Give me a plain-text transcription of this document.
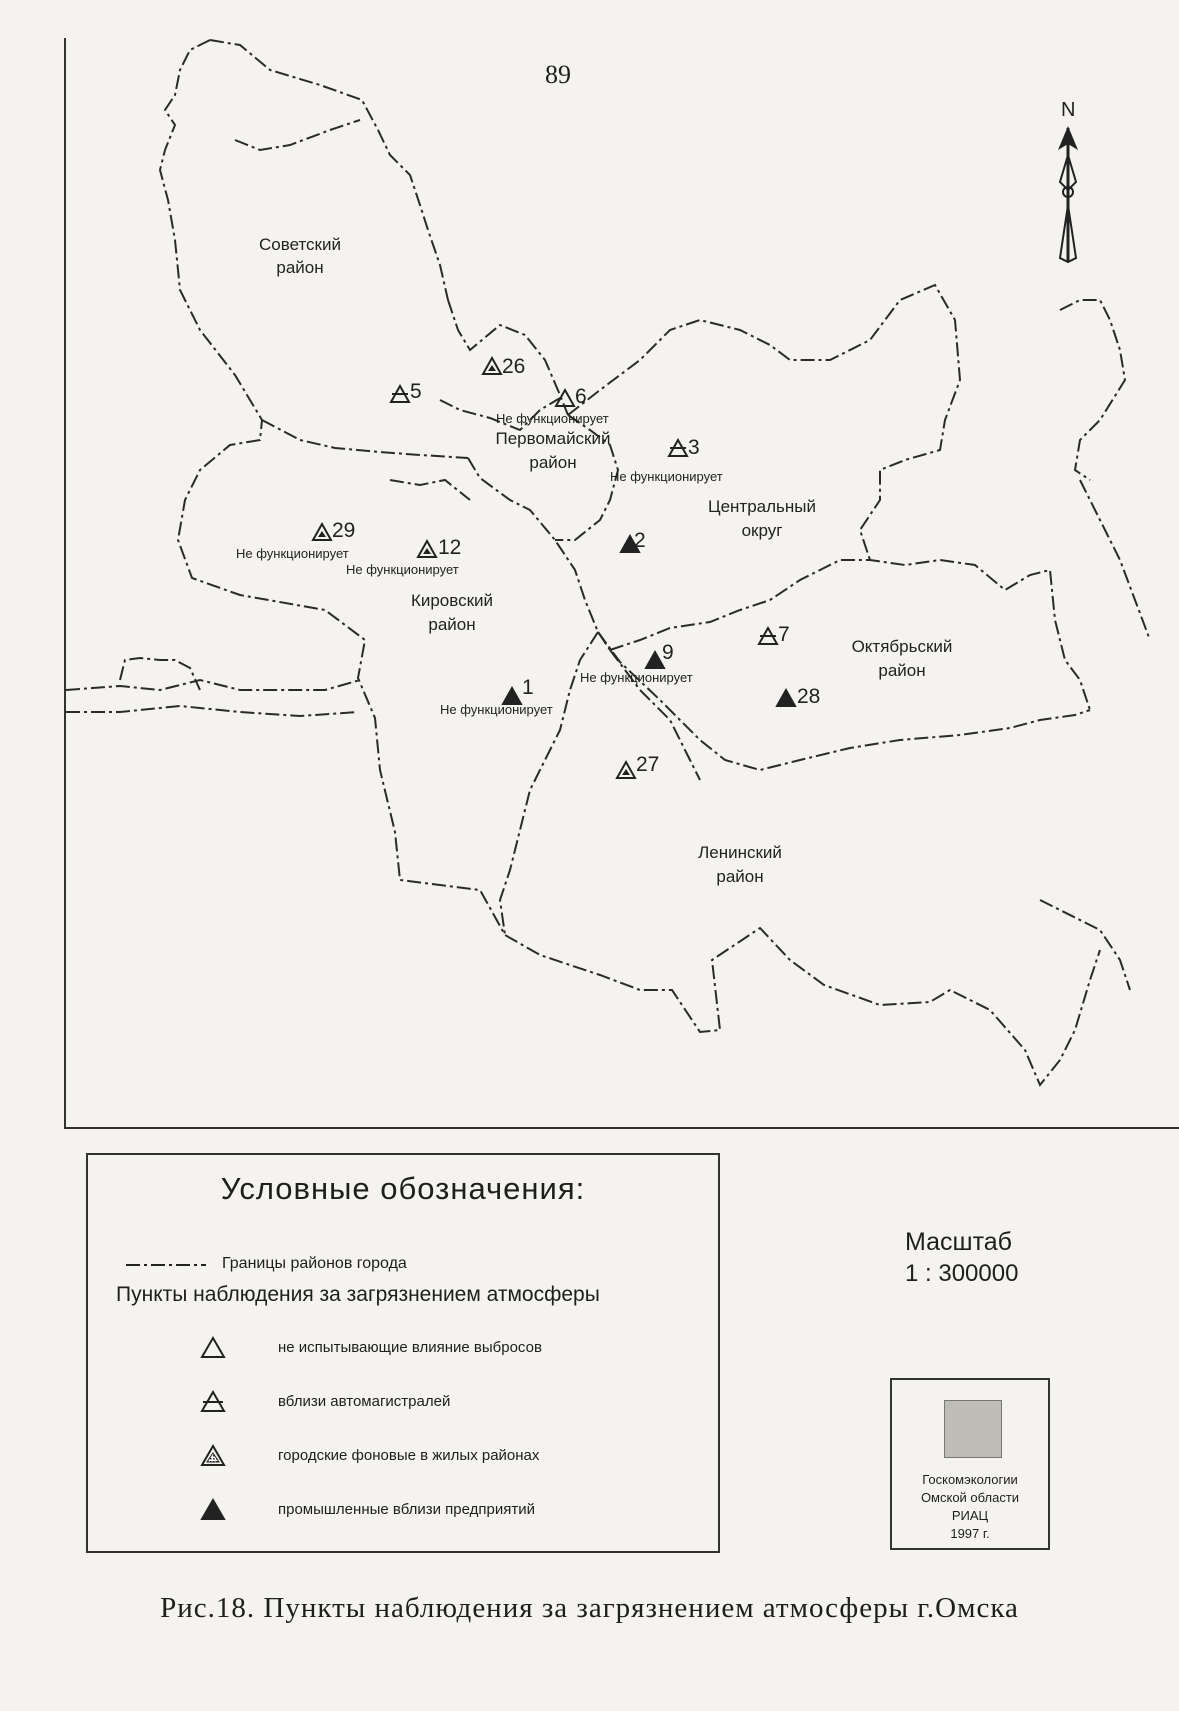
89
N
Советский
район
Первомайский
район
Центральный
округ
Кировский
район
Октябрьский
район
Ленинский
район
5
26
6
Не функционирует
3
Не функционирует
2
29
Не функционирует	12
Не функционирует
9
Не функционирует
7
28
1
Не функционирует
27
Условные обозначения:
Границы районов города
Пункты наблюдения за загрязнением атмосферы
не испытывающие влияние выбросов
вблизи автомагистралей
городские фоновые в жилых районах
промышленные вблизи предприятий
Масштаб
1 : 300000
Госкомэкологии
Омской области
РИАЦ
1997 г.
Рис.18. Пункты наблюдения за загрязнением атмосферы г.Омска
